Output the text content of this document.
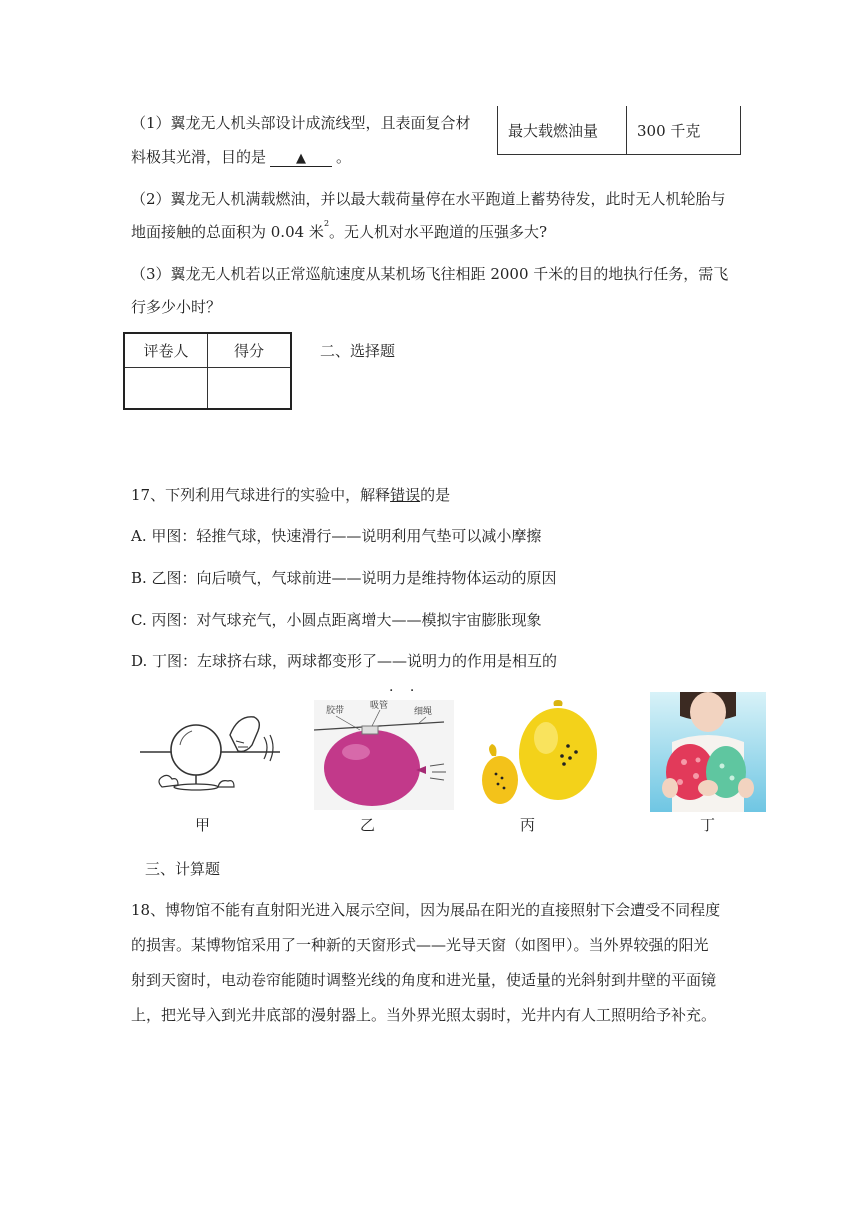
（1）翼龙无人机头部设计成流线型，且表面复合材
料极其光滑，目的是 ▲ 。
最大载燃油量	300 千克
（2）翼龙无人机满载燃油，并以最大载荷量停在水平跑道上蓄势待发，此时无人机轮胎与
地面接触的总面积为 0.04 米$^2$。无人机对水平跑道的压强多大?
（3）翼龙无人机若以正常巡航速度从某机场飞往相距 2000 千米的目的地执行任务，需飞
行多少小时？
评卷人	得分
		二、选择题
17、下列利用气球进行的实验中，解释错误的是
A. 甲图：轻推气球，快速滑行——说明利用气垫可以减小摩擦
B. 乙图：向后喷气，气球前进——说明力是维持物体运动的原因
C. 丙图：对气球充气，小圆点距离增大——模拟宇宙膨胀现象
D. 丁图：左球挤右球，两球都变形了——说明力的作用是相互的
· ·
甲
胶带	吸管
细绳
乙	丙	丁
三、计算题
18、博物馆不能有直射阳光进入展示空间，因为展品在阳光的直接照射下会遭受不同程度
的损害。某博物馆采用了一种新的天窗形式——光导天窗（如图甲）。当外界较强的阳光
射到天窗时，电动卷帘能随时调整光线的角度和进光量，使适量的光斜射到井壁的平面镜
上，把光导入到光井底部的漫射器上。当外界光照太弱时，光井内有人工照明给予补充。
